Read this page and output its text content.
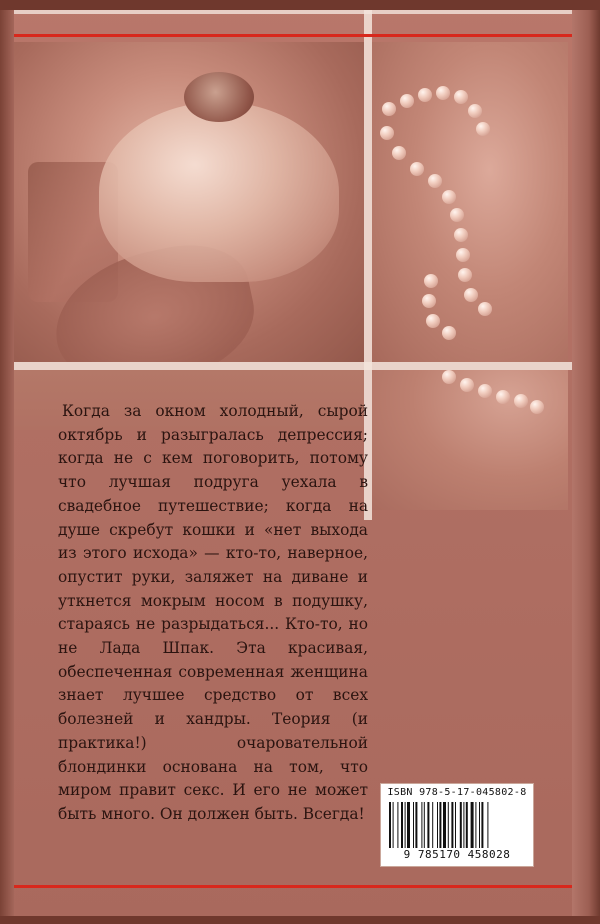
Когда за окном холодный, сырой октябрь и разыгралась депрессия; когда не с кем поговорить, потому что лучшая подруга уехала в свадебное путешествие; когда на душе скребут кошки и «нет выхода из этого исхода» — кто-то, наверное, опустит руки, заляжет на диване и уткнется мокрым носом в подушку, стараясь не разрыдаться... Кто-то, но не Лада Шпак. Эта красивая, обеспеченная современная женщина знает лучшее средство от всех болезней и хандры. Теория (и практика!) очаровательной блондинки основана на том, что миром правит секс. И его не может быть много. Он должен быть. Всегда!

ISBN 978-5-17-045802-8
9 785170 458028
